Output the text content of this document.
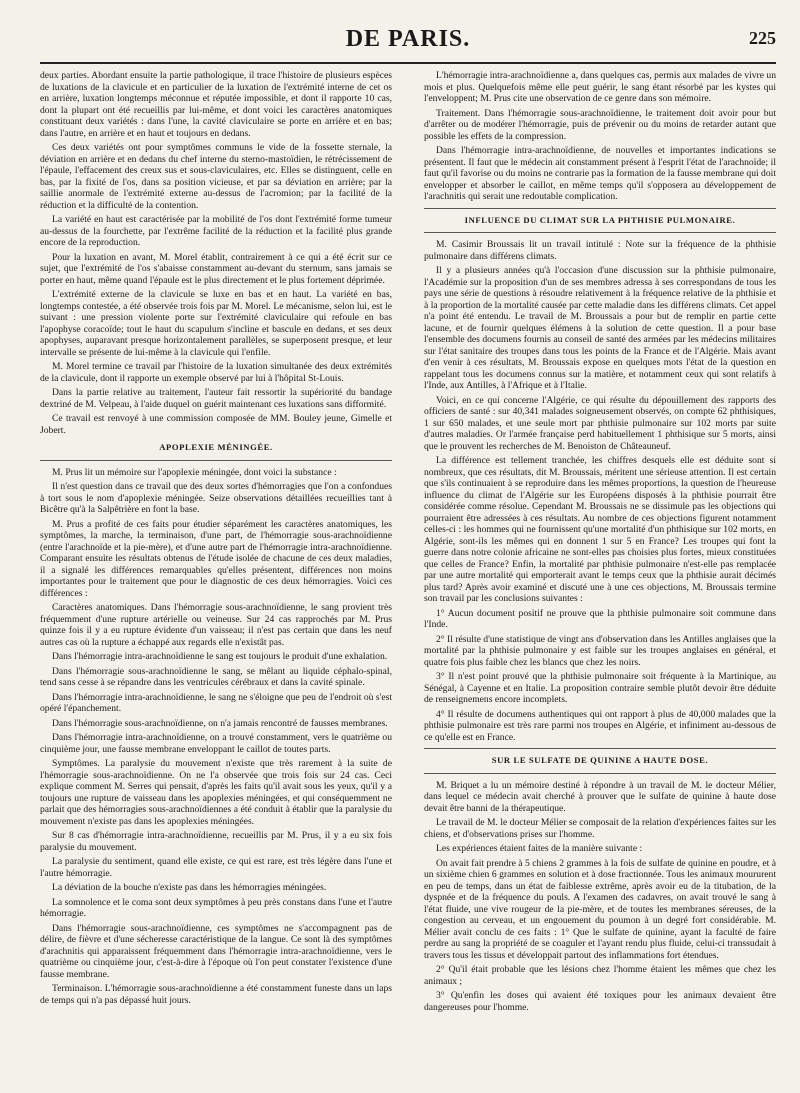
DE PARIS.	225

deux parties. Abordant ensuite la partie pathologique, il trace l'histoire de plusieurs espèces de luxations de la clavicule et en particulier de la luxation de l'extrémité interne de cet os en arrière, luxation longtemps méconnue et réputée impossible, et dont il rapporte 10 cas, dont la plupart ont été recueillis par lui-même, et dont voici les caractères anatomiques constituant deux variétés : dans l'une, la cavité claviculaire se porte en arrière et en bas; dans l'autre, en arrière et en haut et toujours en dedans.

Ces deux variétés ont pour symptômes communs le vide de la fossette sternale, la déviation en arrière et en dedans du chef interne du sterno-mastoïdien, le rétrécissement de l'épaule, l'effacement des creux sus et sous-claviculaires, etc. Elles se distinguent, celle en bas, par la fixité de l'os, dans sa position vicieuse, et par sa déviation en arrière; par la saillie anormale de l'extrémité externe au-dessus de l'acromion; par la facilité de la réduction et la difficulté de la contention.

La variété en haut est caractérisée par la mobilité de l'os dont l'extrémité forme tumeur au-dessus de la fourchette, par l'extrême facilité de la réduction et la facilité plus grande encore de la reproduction.

Pour la luxation en avant, M. Morel établit, contrairement à ce qui a été écrit sur ce sujet, que l'extrémité de l'os s'abaisse constamment au-devant du sternum, sans jamais se porter en haut, même quand l'épaule est le plus directement et le plus fortement déprimée.

L'extrémité externe de la clavicule se luxe en bas et en haut. La variété en bas, longtemps contestée, a été observée trois fois par M. Morel. Le mécanisme, selon lui, est le suivant : une pression violente porte sur l'extrémité claviculaire qui refoule en bas l'apophyse coracoïde; tout le haut du scapulum s'incline et bascule en dedans, et ses deux apophyses, auparavant presque horizontalement parallèles, se superposent presque, et leur intervalle se présente de lui-même à la clavicule qui l'enfile.

M. Morel termine ce travail par l'histoire de la luxation simultanée des deux extrémités de la clavicule, dont il rapporte un exemple observé par lui à l'hôpital St-Louis.

Dans la partie relative au traitement, l'auteur fait ressortir la supériorité du bandage dextriné de M. Velpeau, à l'aide duquel on guérit maintenant ces luxations sans difformité.

Ce travail est renvoyé à une commission composée de MM. Bouley jeune, Gimelle et Jobert.

APOPLEXIE MÉNINGÉE.

M. Prus lit un mémoire sur l'apoplexie méningée, dont voici la substance :

Il n'est question dans ce travail que des deux sortes d'hémorragies que l'on a confondues à tort sous le nom d'apoplexie méningée. Seize observations détaillées recueillies tant à Bicêtre qu'à la Salpêtrière en font la base.

M. Prus a profité de ces faits pour étudier séparément les caractères anatomiques, les symptômes, la marche, la terminaison, d'une part, de l'hémorragie sous-arachnoïdienne (entre l'arachnoïde et la pie-mère), et d'une autre part de l'hémorragie intra-arachnoïdienne. Comparant ensuite les résultats obtenus de l'étude isolée de chacune de ces deux maladies, il a signalé les différences remarquables qu'elles présentent, différences non moins importantes pour le traitement que pour le diagnostic de ces deux hémorragies. Voici ces différences :

Caractères anatomiques. Dans l'hémorragie sous-arachnoïdienne, le sang provient très fréquemment d'une rupture artérielle ou veineuse. Sur 24 cas rapprochés par M. Prus quinze fois il y a eu rupture évidente d'un vaisseau; il n'est pas certain que dans les neuf autres cas où la rupture a échappé aux regards elle n'existât pas.

Dans l'hémorragie intra-arachnoïdienne le sang est toujours le produit d'une exhalation.

Dans l'hémorragie sous-arachnoïdienne le sang, se mêlant au liquide céphalo-spinal, tend sans cesse à se répandre dans les ventricules cérébraux et dans la cavité spinale.

Dans l'hémorragie intra-arachnoïdienne, le sang ne s'éloigne que peu de l'endroit où s'est opéré l'épanchement.

Dans l'hémorragie sous-arachnoïdienne, on n'a jamais rencontré de fausses membranes.

Dans l'hémorragie intra-arachnoïdienne, on a trouvé constamment, vers le quatrième ou cinquième jour, une fausse membrane enveloppant le caillot de toutes parts.

Symptômes. La paralysie du mouvement n'existe que très rarement à la suite de l'hémorragie sous-arachnoïdienne. On ne l'a observée que trois fois sur 24 cas. Ceci explique comment M. Serres qui pensait, d'après les faits qu'il avait sous les yeux, qu'il y a toujours une rupture de vaisseau dans les apoplexies méningées, et qui conséquemment ne parlait que des hémorragies sous-arachnoïdiennes a été conduit à établir que la paralysie du mouvement n'existe pas dans les apoplexies méningées.

Sur 8 cas d'hémorragie intra-arachnoïdienne, recueillis par M. Prus, il y a eu six fois paralysie du mouvement.

La paralysie du sentiment, quand elle existe, ce qui est rare, est très légère dans l'une et l'autre hémorragie.

La déviation de la bouche n'existe pas dans les hémorragies méningées.

La somnolence et le coma sont deux symptômes à peu près constans dans l'une et l'autre hémorragie.

Dans l'hémorragie sous-arachnoïdienne, ces symptômes ne s'accompagnent pas de délire, de fièvre et d'une sécheresse caractéristique de la langue. Ce sont là des symptômes d'arachnitis qui apparaissent fréquemment dans l'hémorragie intra-arachnoïdienne, vers le quatrième ou cinquième jour, c'est-à-dire à l'époque où l'on peut constater l'existence d'une fausse membrane.

Terminaison. L'hémorragie sous-arachnoïdienne a été constamment funeste dans un laps de temps qui n'a pas dépassé huit jours.

L'hémorragie intra-arachnoïdienne a, dans quelques cas, permis aux malades de vivre un mois et plus. Quelquefois même elle peut guérir, le sang étant résorbé par les kystes qui l'enveloppent; M. Prus cite une observation de ce genre dans son mémoire.

Traitement. Dans l'hémorragie sous-arachnoïdienne, le traitement doit avoir pour but d'arrêter ou de modérer l'hémorragie, puis de prévenir ou du moins de retarder autant que possible les effets de la compression.

Dans l'hémorragie intra-arachnoïdienne, de nouvelles et importantes indications se présentent. Il faut que le médecin ait constamment présent à l'esprit l'état de l'arachnoïde; il faut qu'il favorise ou du moins ne contrarie pas la formation de la fausse membrane qui doit envelopper et absorber le caillot, en même temps qu'il s'opposera au développement de l'arachnitis qui serait une redoutable complication.

INFLUENCE DU CLIMAT SUR LA PHTHISIE PULMONAIRE.

M. Casimir Broussais lit un travail intitulé : Note sur la fréquence de la phthisie pulmonaire dans différens climats.

Il y a plusieurs années qu'à l'occasion d'une discussion sur la phthisie pulmonaire, l'Académie sur la proposition d'un de ses membres adressa à ses correspondans de tous les pays une série de questions à résoudre relativement à la fréquence relative de la phthisie et à la proportion de la mortalité causée par cette maladie dans les différens climats. Cet appel n'a point été entendu. Le travail de M. Broussais a pour but de remplir en partie cette lacune, et de fournir quelques élémens à la solution de cette question. Il a pour base l'ensemble des documens fournis au conseil de santé des armées par les médecins militaires sur l'état sanitaire des troupes dans tous les points de la France et de l'Algérie. Mais avant d'en venir à ces résultats, M. Broussais expose en quelques mots l'état de la question en rappelant tous les documens connus sur la matière, et notamment ceux qui sont relatifs à l'Inde, aux Antilles, à l'Afrique et à l'Italie.

Voici, en ce qui concerne l'Algérie, ce qui résulte du dépouillement des rapports des officiers de santé : sur 40,341 malades soigneusement observés, on compte 62 phthisiques, 1 sur 650 malades, et une seule mort par phthisie pulmonaire sur 102 morts par suite d'autres maladies. Or l'armée française perd habituellement 1 phthisique sur 5 morts, ainsi que le prouvent les recherches de M. Benoiston de Châteauneuf.

La différence est tellement tranchée, les chiffres desquels elle est déduite sont si nombreux, que ces résultats, dit M. Broussais, méritent une sérieuse attention. Il est certain que s'ils continuaient à se reproduire dans les mêmes proportions, la question de l'heureuse influence du climat de l'Algérie sur les Européens disposés à la phthisie pourrait être considérée comme résolue. Cependant M. Broussais ne se dissimule pas les objections qui pourraient être adressées à ces résultats. Au nombre de ces objections figurent notamment celles-ci : les hommes qui ne fournissent qu'une mortalité d'un phthisique sur 102 morts, en Algérie, sont-ils les mêmes qui en donnent 1 sur 5 en France? Les troupes qui font la guerre dans notre colonie africaine ne sont-elles pas choisies plus fortes, mieux constituées que celles de France? Enfin, la mortalité par phthisie pulmonaire n'est-elle pas remplacée par une autre mortalité qui emporterait avant le temps ceux que la phthisie aurait décimés plus tard? Après avoir examiné et discuté une à une ces objections, M. Broussais termine son travail par les conclusions suivantes :

1° Aucun document positif ne prouve que la phthisie pulmonaire soit commune dans l'Inde.

2° Il résulte d'une statistique de vingt ans d'observation dans les Antilles anglaises que la mortalité par la phthisie pulmonaire y est faible sur les troupes anglaises en général, et quatre fois plus faible chez les blancs que chez les noirs.

3° Il n'est point prouvé que la phthisie pulmonaire soit fréquente à la Martinique, au Sénégal, à Cayenne et en Italie. La proposition contraire semble plutôt devoir être déduite de renseignemens encore incomplets.

4° Il résulte de documens authentiques qui ont rapport à plus de 40,000 malades que la phthisie pulmonaire est très rare parmi nos troupes en Algérie, et infiniment au-dessous de ce qu'elle est en France.

SUR LE SULFATE DE QUININE A HAUTE DOSE.

M. Briquet a lu un mémoire destiné à répondre à un travail de M. le docteur Mélier, dans lequel ce médecin avait cherché à prouver que le sulfate de quinine à haute dose devait être banni de la thérapeutique.

Le travail de M. le docteur Mélier se composait de la relation d'expériences faites sur les chiens, et d'observations prises sur l'homme.

Les expériences étaient faites de la manière suivante :

On avait fait prendre à 5 chiens 2 grammes à la fois de sulfate de quinine en poudre, et à un sixième chien 6 grammes en solution et à dose fractionnée. Tous les animaux moururent en peu de temps, dans un état de faiblesse extrême, après avoir eu de la titubation, de la dyspnée et de la fréquence du pouls. A l'examen des cadavres, on avait trouvé le sang à l'état fluide, une vive rougeur de la pie-mère, et de toutes les membranes séreuses, de la congestion au cerveau, et un engouement du poumon à un degré fort considérable. M. Mélier avait conclu de ces faits : 1° Que le sulfate de quinine, ayant la faculté de faire perdre au sang la propriété de se coaguler et l'ayant rendu plus fluide, celui-ci transsudait à travers tous les tissus et développait partout des inflammations fort étendues.

2° Qu'il était probable que les lésions chez l'homme étaient les mêmes que chez les animaux ;

3° Qu'enfin les doses qui avaient été toxiques pour les animaux devaient être dangereuses pour l'homme.
